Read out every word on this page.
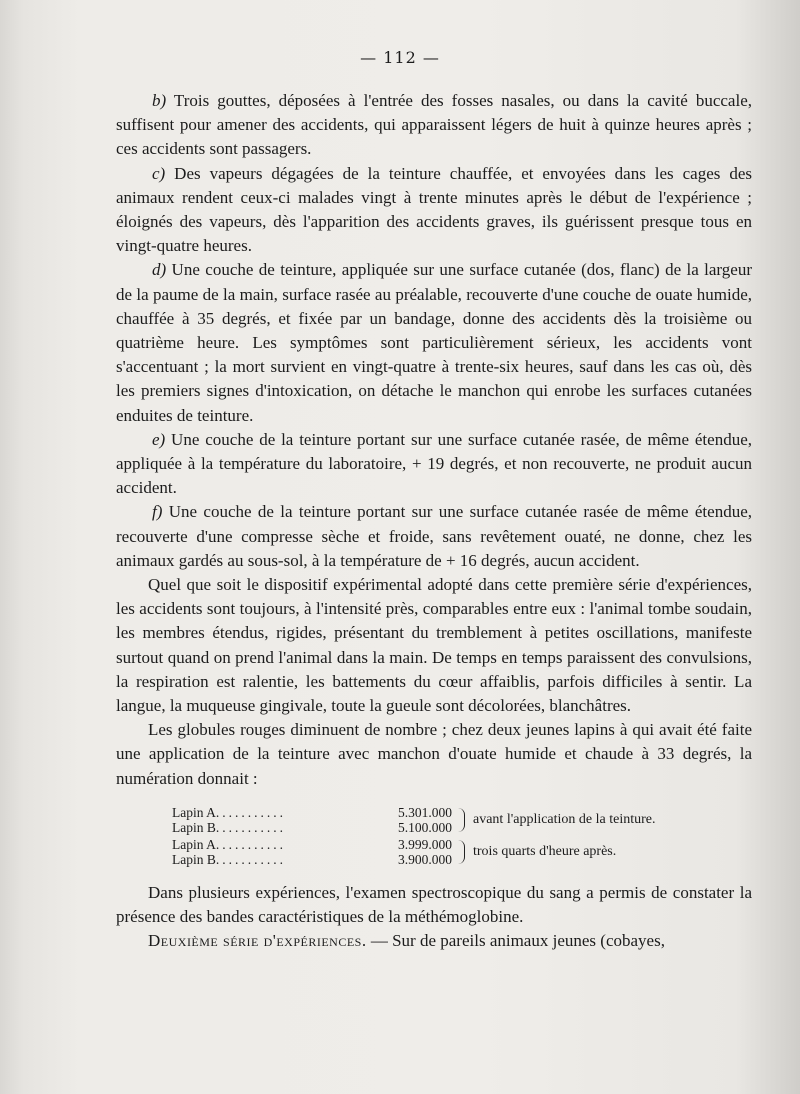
— 112 —

b) Trois gouttes, déposées à l'entrée des fosses nasales, ou dans la cavité buccale, suffisent pour amener des accidents, qui apparaissent légers de huit à quinze heures après ; ces accidents sont passagers.

c) Des vapeurs dégagées de la teinture chauffée, et envoyées dans les cages des animaux rendent ceux-ci malades vingt à trente minutes après le début de l'expérience ; éloignés des vapeurs, dès l'apparition des accidents graves, ils guérissent presque tous en vingt-quatre heures.

d) Une couche de teinture, appliquée sur une surface cutanée (dos, flanc) de la largeur de la paume de la main, surface rasée au préalable, recouverte d'une couche de ouate humide, chauffée à 35 degrés, et fixée par un bandage, donne des accidents dès la troisième ou quatrième heure. Les symptômes sont particulièrement sérieux, les accidents vont s'accentuant ; la mort survient en vingt-quatre à trente-six heures, sauf dans les cas où, dès les premiers signes d'intoxication, on détache le manchon qui enrobe les surfaces cutanées enduites de teinture.

e) Une couche de la teinture portant sur une surface cutanée rasée, de même étendue, appliquée à la température du laboratoire, + 19 degrés, et non recouverte, ne produit aucun accident.

f) Une couche de la teinture portant sur une surface cutanée rasée de même étendue, recouverte d'une compresse sèche et froide, sans revêtement ouaté, ne donne, chez les animaux gardés au sous-sol, à la température de + 16 degrés, aucun accident.

Quel que soit le dispositif expérimental adopté dans cette première série d'expériences, les accidents sont toujours, à l'intensité près, comparables entre eux : l'animal tombe soudain, les membres étendus, rigides, présentant du tremblement à petites oscillations, manifeste surtout quand on prend l'animal dans la main. De temps en temps paraissent des convulsions, la respiration est ralentie, les battements du cœur affaiblis, parfois difficiles à sentir. La langue, la muqueuse gingivale, toute la gueule sont décolorées, blanchâtres.

Les globules rouges diminuent de nombre ; chez deux jeunes lapins à qui avait été faite une application de la teinture avec manchon d'ouate humide et chaude à 33 degrés, la numération donnait :

Lapin A...........	5.301.000
Lapin B...........	5.100.000 avant l'application de la teinture.
Lapin A...........	3.999.000
Lapin B...........	3.900.000 trois quarts d'heure après.

Dans plusieurs expériences, l'examen spectroscopique du sang a permis de constater la présence des bandes caractéristiques de la méthémoglobine.

Deuxième série d'expériences. — Sur de pareils animaux jeunes (cobayes,
